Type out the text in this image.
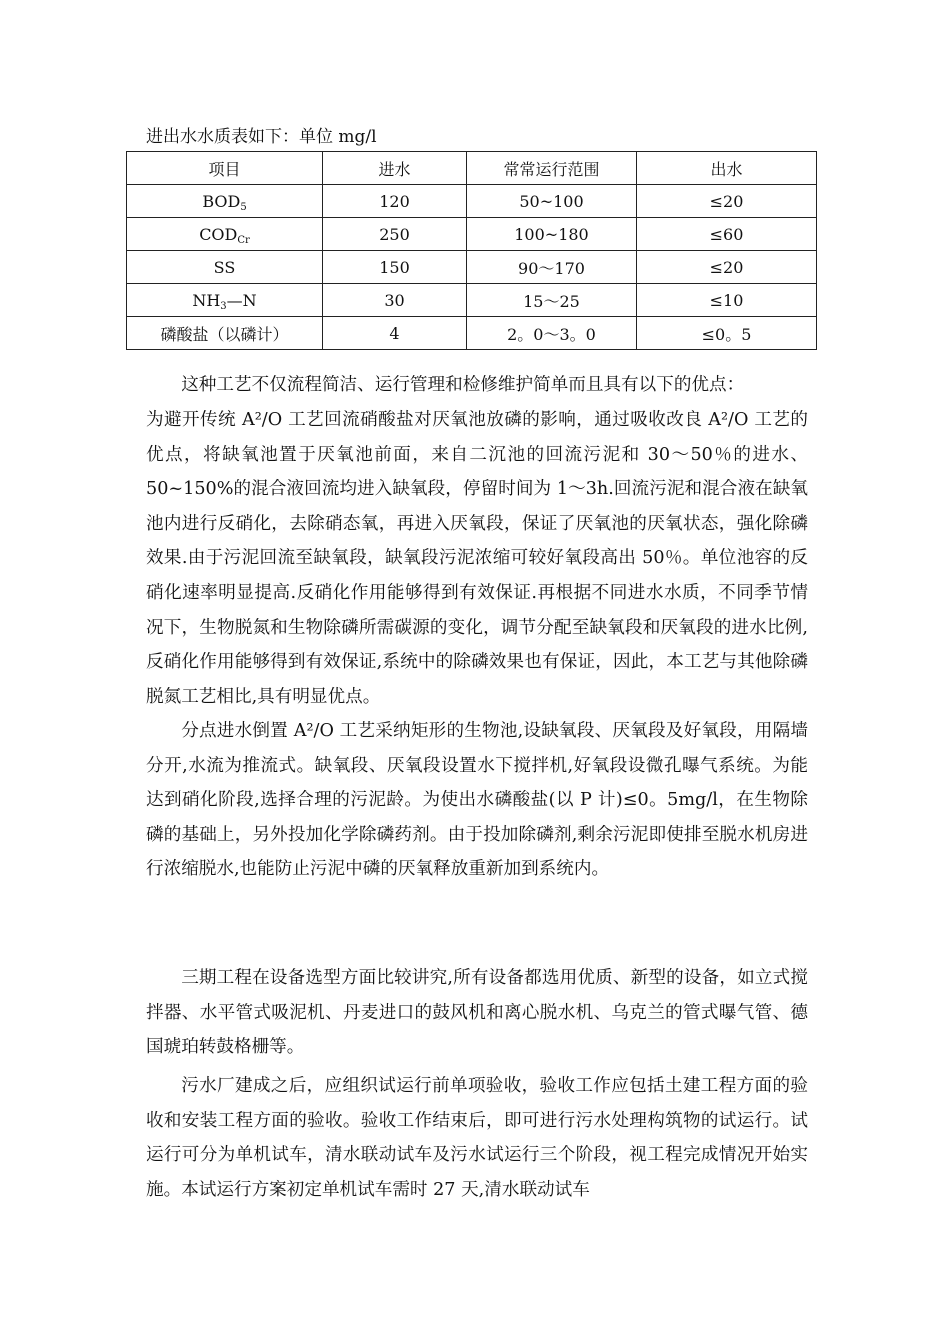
进出水水质表如下：单位 mg/l
项目	进水	常常运行范围	出水
$BOD_5$	120	50~100	≤20
$COD_{Cr}$	250	100~180	≤60
SS	150	90～170	≤20
$NH_3—N$	30	15～25	≤10
磷酸盐（以磷计）	4	2。0～3。0	≤0。5

这种工艺不仅流程简洁、运行管理和检修维护简单而且具有以下的优点：

为避开传统 A²/O 工艺回流硝酸盐对厌氧池放磷的影响，通过吸收改良 A²/O 工艺的优点，将缺氧池置于厌氧池前面，来自二沉池的回流污泥和 30～50％的进水、50~150%的混合液回流均进入缺氧段，停留时间为 1～3h.回流污泥和混合液在缺氧池内进行反硝化，去除硝态氧，再进入厌氧段，保证了厌氧池的厌氧状态，强化除磷效果.由于污泥回流至缺氧段，缺氧段污泥浓缩可较好氧段高出 50％。单位池容的反硝化速率明显提高.反硝化作用能够得到有效保证.再根据不同进水水质，不同季节情况下，生物脱氮和生物除磷所需碳源的变化，调节分配至缺氧段和厌氧段的进水比例,反硝化作用能够得到有效保证,系统中的除磷效果也有保证，因此，本工艺与其他除磷脱氮工艺相比,具有明显优点。

分点进水倒置 A²/O 工艺采纳矩形的生物池,设缺氧段、厌氧段及好氧段，用隔墙分开,水流为推流式。缺氧段、厌氧段设置水下搅拌机,好氧段设微孔曝气系统。为能达到硝化阶段,选择合理的污泥龄。为使出水磷酸盐(以 P 计)≤0。5mg/l，在生物除磷的基础上，另外投加化学除磷药剂。由于投加除磷剂,剩余污泥即使排至脱水机房进行浓缩脱水,也能防止污泥中磷的厌氧释放重新加到系统内。

三期工程在设备选型方面比较讲究,所有设备都选用优质、新型的设备，如立式搅拌器、水平管式吸泥机、丹麦进口的鼓风机和离心脱水机、乌克兰的管式曝气管、德国琥珀转鼓格栅等。

污水厂建成之后，应组织试运行前单项验收，验收工作应包括土建工程方面的验收和安装工程方面的验收。验收工作结束后，即可进行污水处理构筑物的试运行。试运行可分为单机试车，清水联动试车及污水试运行三个阶段，视工程完成情况开始实施。本试运行方案初定单机试车需时 27 天,清水联动试车
